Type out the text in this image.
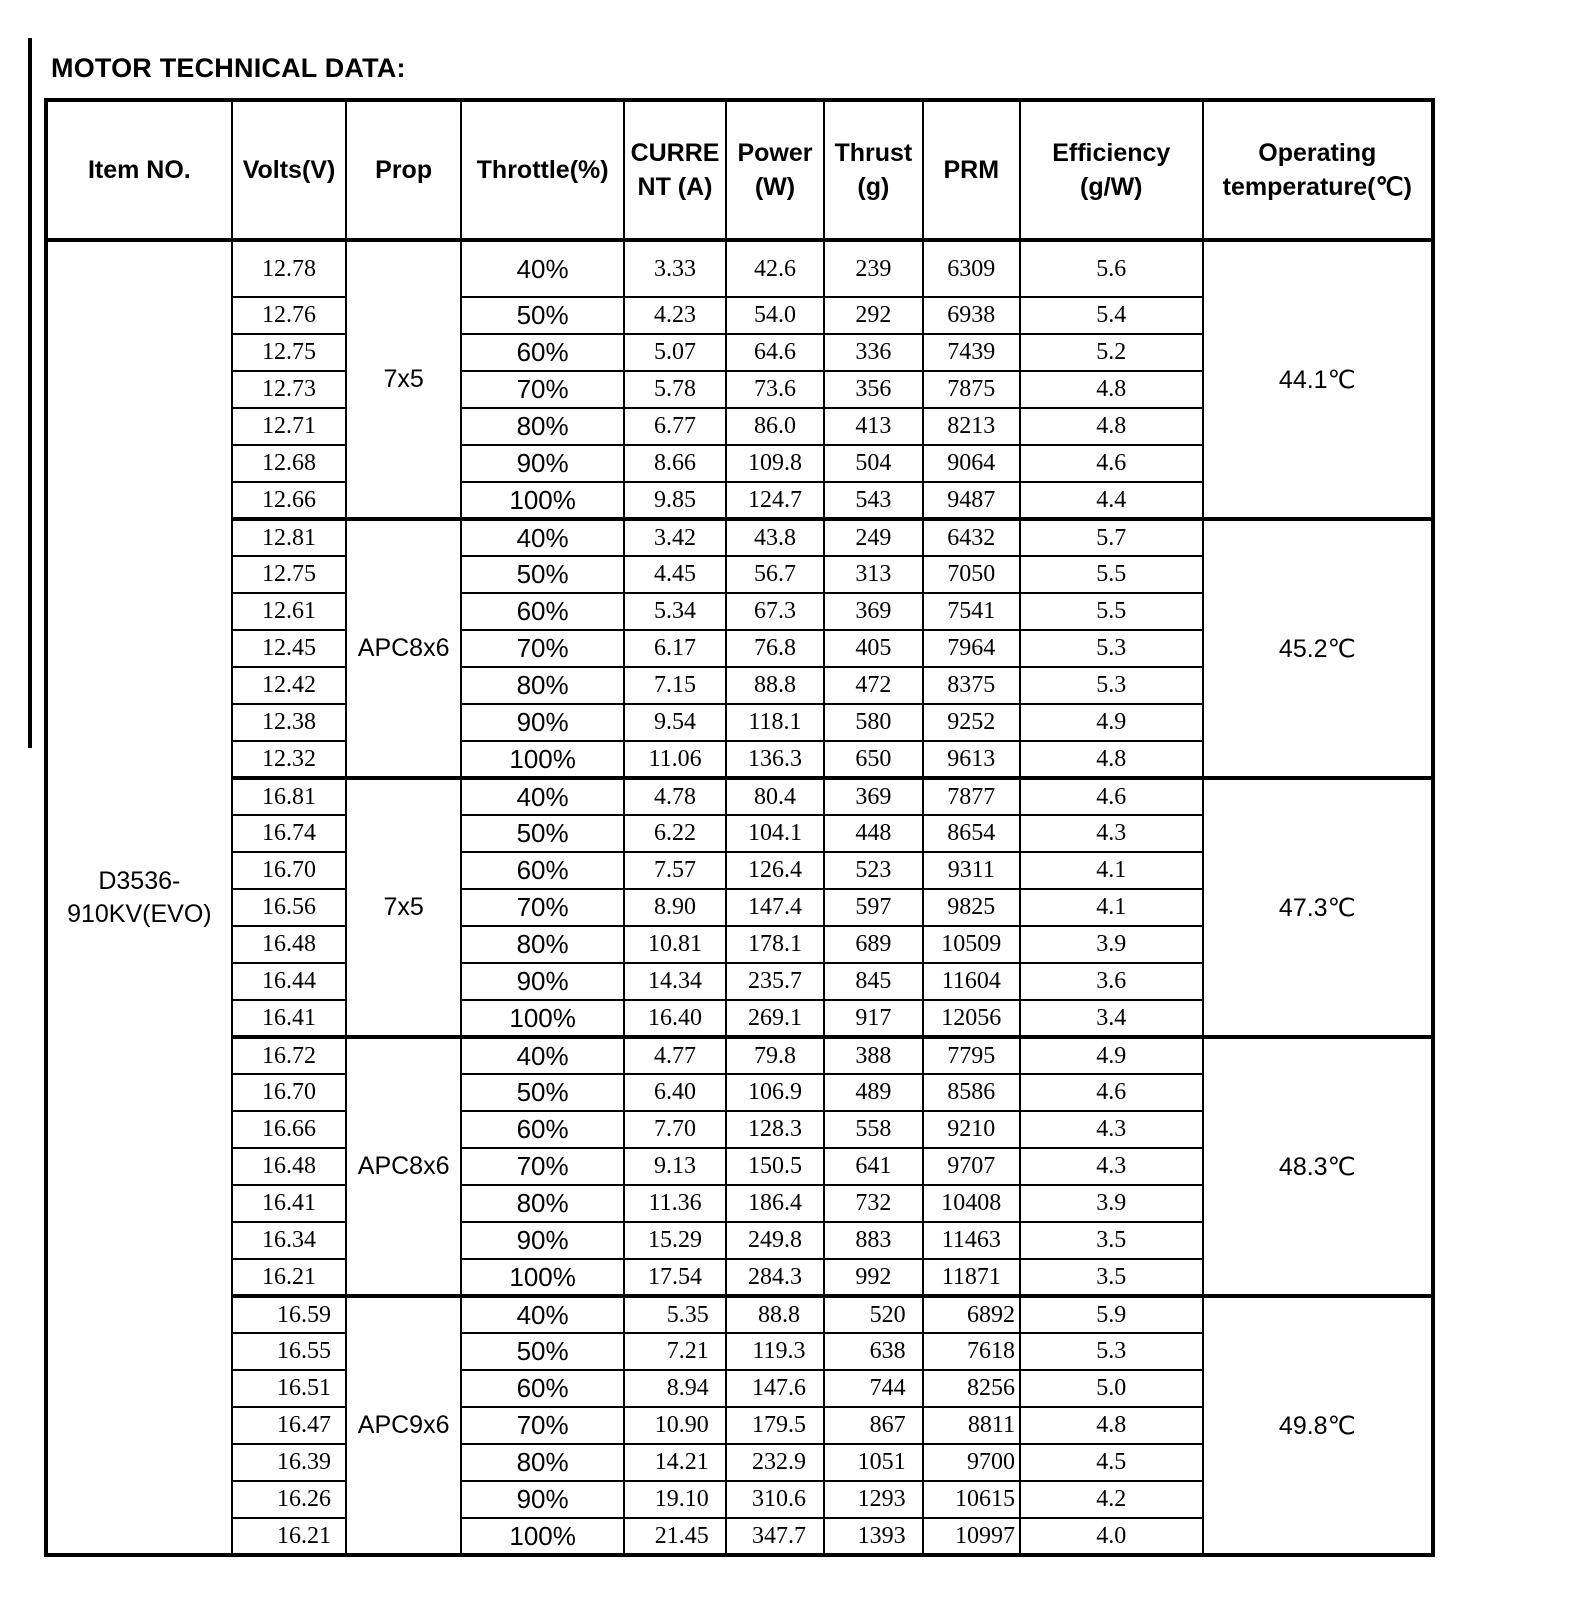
MOTOR TECHNICAL DATA:
Item NO.	Volts(V)	Prop	Throttle(%)	CURRENT (A)	Power(W)	Thrust (g)	PRM	Efficiency (g/W)	Operating temperature(℃)
D3536-910KV(EVO)	12.78	7x5	40%	3.33	42.6	239	6309	5.6	44.1℃
	12.76		50%	4.23	54.0	292	6938	5.4	
	12.75		60%	5.07	64.6	336	7439	5.2	
	12.73		70%	5.78	73.6	356	7875	4.8	
	12.71		80%	6.77	86.0	413	8213	4.8	
	12.68		90%	8.66	109.8	504	9064	4.6	
	12.66		100%	9.85	124.7	543	9487	4.4	
	12.81	APC8x6	40%	3.42	43.8	249	6432	5.7	45.2℃
	12.75		50%	4.45	56.7	313	7050	5.5	
	12.61		60%	5.34	67.3	369	7541	5.5	
	12.45		70%	6.17	76.8	405	7964	5.3	
	12.42		80%	7.15	88.8	472	8375	5.3	
	12.38		90%	9.54	118.1	580	9252	4.9	
	12.32		100%	11.06	136.3	650	9613	4.8	
	16.81	7x5	40%	4.78	80.4	369	7877	4.6	47.3℃
	16.74		50%	6.22	104.1	448	8654	4.3	
	16.70		60%	7.57	126.4	523	9311	4.1	
	16.56		70%	8.90	147.4	597	9825	4.1	
	16.48		80%	10.81	178.1	689	10509	3.9	
	16.44		90%	14.34	235.7	845	11604	3.6	
	16.41		100%	16.40	269.1	917	12056	3.4	
	16.72	APC8x6	40%	4.77	79.8	388	7795	4.9	48.3℃
	16.70		50%	6.40	106.9	489	8586	4.6	
	16.66		60%	7.70	128.3	558	9210	4.3	
	16.48		70%	9.13	150.5	641	9707	4.3	
	16.41		80%	11.36	186.4	732	10408	3.9	
	16.34		90%	15.29	249.8	883	11463	3.5	
	16.21		100%	17.54	284.3	992	11871	3.5	
	16.59	APC9x6	40%	5.35	88.8	520	6892	5.9	49.8℃
	16.55		50%	7.21	119.3	638	7618	5.3	
	16.51		60%	8.94	147.6	744	8256	5.0	
	16.47		70%	10.90	179.5	867	8811	4.8	
	16.39		80%	14.21	232.9	1051	9700	4.5	
	16.26		90%	19.10	310.6	1293	10615	4.2	
	16.21		100%	21.45	347.7	1393	10997	4.0	
